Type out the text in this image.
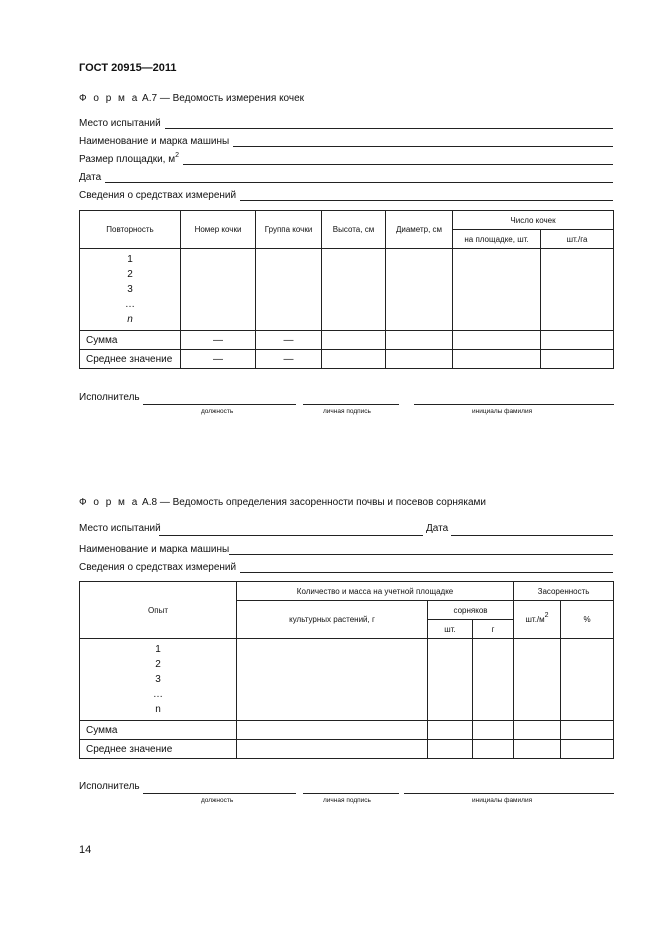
ГОСТ 20915—2011
Ф о р м а А.7 — Ведомость измерения кочек
Место испытаний
Наименование и марка машины
Размер площадки, $м^2$
Дата
Сведения о средствах измерений
Повторность	Номер кочки	Группа кочки	Высота, см	Диаметр, см	Число кочек	
					на площадке, шт.	шт./га

1
2
3
…
n						

Сумма	—	—				
Среднее значение	—	—				
Исполнитель
должность	личная подпись	инициалы фамилия
Ф о р м а А.8 — Ведомость определения засоренности почвы и посевов сорняками
Место испытаний	Дата
Наименование и марка машины
Сведения о средствах измерений
Опыт	Количество и масса на учетной площадке			Засоренность	
	культурных растений, г	сорняков		$шт./м^2$	%
		шт.	г		

1
2
3
…
n					

Сумма					
Среднее значение					
Исполнитель
должность	личная подпись	инициалы фамилия
14
